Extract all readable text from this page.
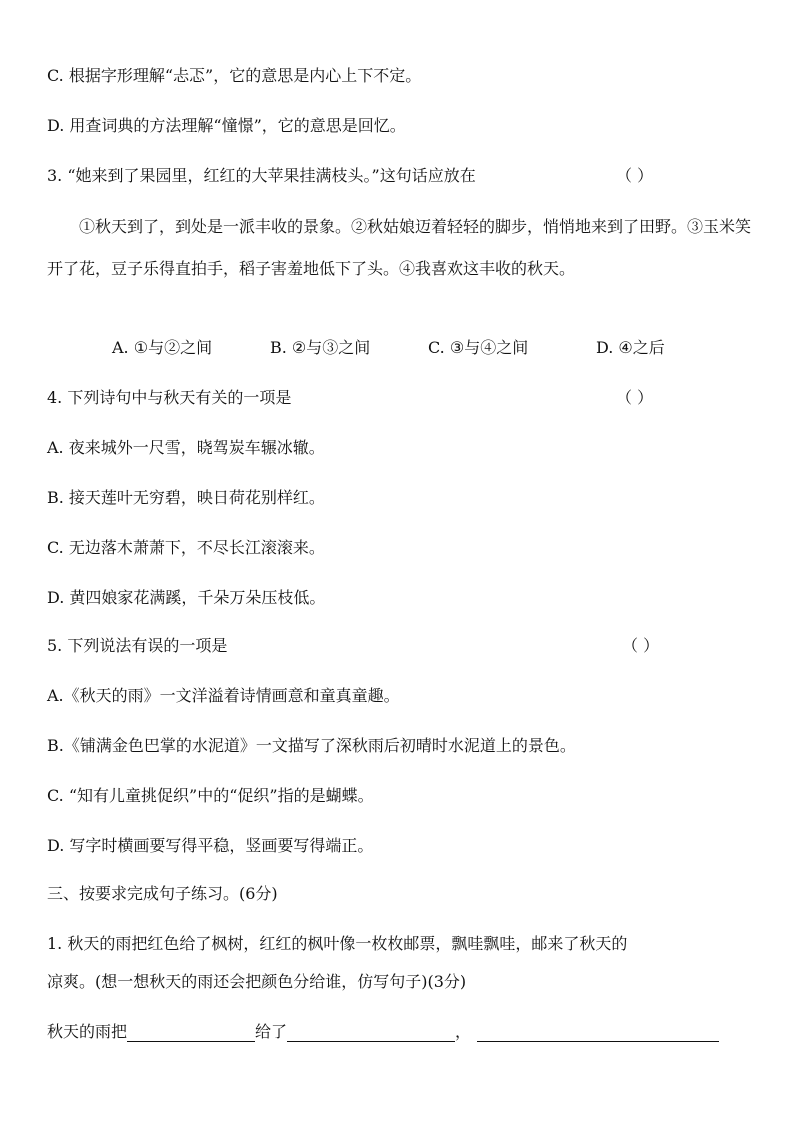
C. 根据字形理解“忐忑”，它的意思是内心上下不定。
D. 用查词典的方法理解“憧憬”，它的意思是回忆。
3. “她来到了果园里，红红的大苹果挂满枝头。”这句话应放在	（ ）
①秋天到了，到处是一派丰收的景象。②秋姑娘迈着轻轻的脚步，悄悄地来到了田野。③玉米笑开了花，豆子乐得直拍手，稻子害羞地低下了头。④我喜欢这丰收的秋天。
A. ①与②之间	B. ②与③之间	C. ③与④之间	D. ④之后
4. 下列诗句中与秋天有关的一项是	（ ）
A. 夜来城外一尺雪，晓驾炭车辗冰辙。
B. 接天莲叶无穷碧，映日荷花别样红。
C. 无边落木萧萧下，不尽长江滚滚来。
D. 黄四娘家花满蹊，千朵万朵压枝低。
5. 下列说法有误的一项是	（ ）
A.《秋天的雨》一文洋溢着诗情画意和童真童趣。
B.《铺满金色巴掌的水泥道》一文描写了深秋雨后初晴时水泥道上的景色。
C. “知有儿童挑促织”中的“促织”指的是蝴蝶。
D. 写字时横画要写得平稳，竖画要写得端正。
三、按要求完成句子练习。(6分)
1. 秋天的雨把红色给了枫树，红红的枫叶像一枚枚邮票，飘哇飘哇，邮来了秋天的
凉爽。(想一想秋天的雨还会把颜色分给谁，仿写句子)(3分)
秋天的雨把	给了	，
